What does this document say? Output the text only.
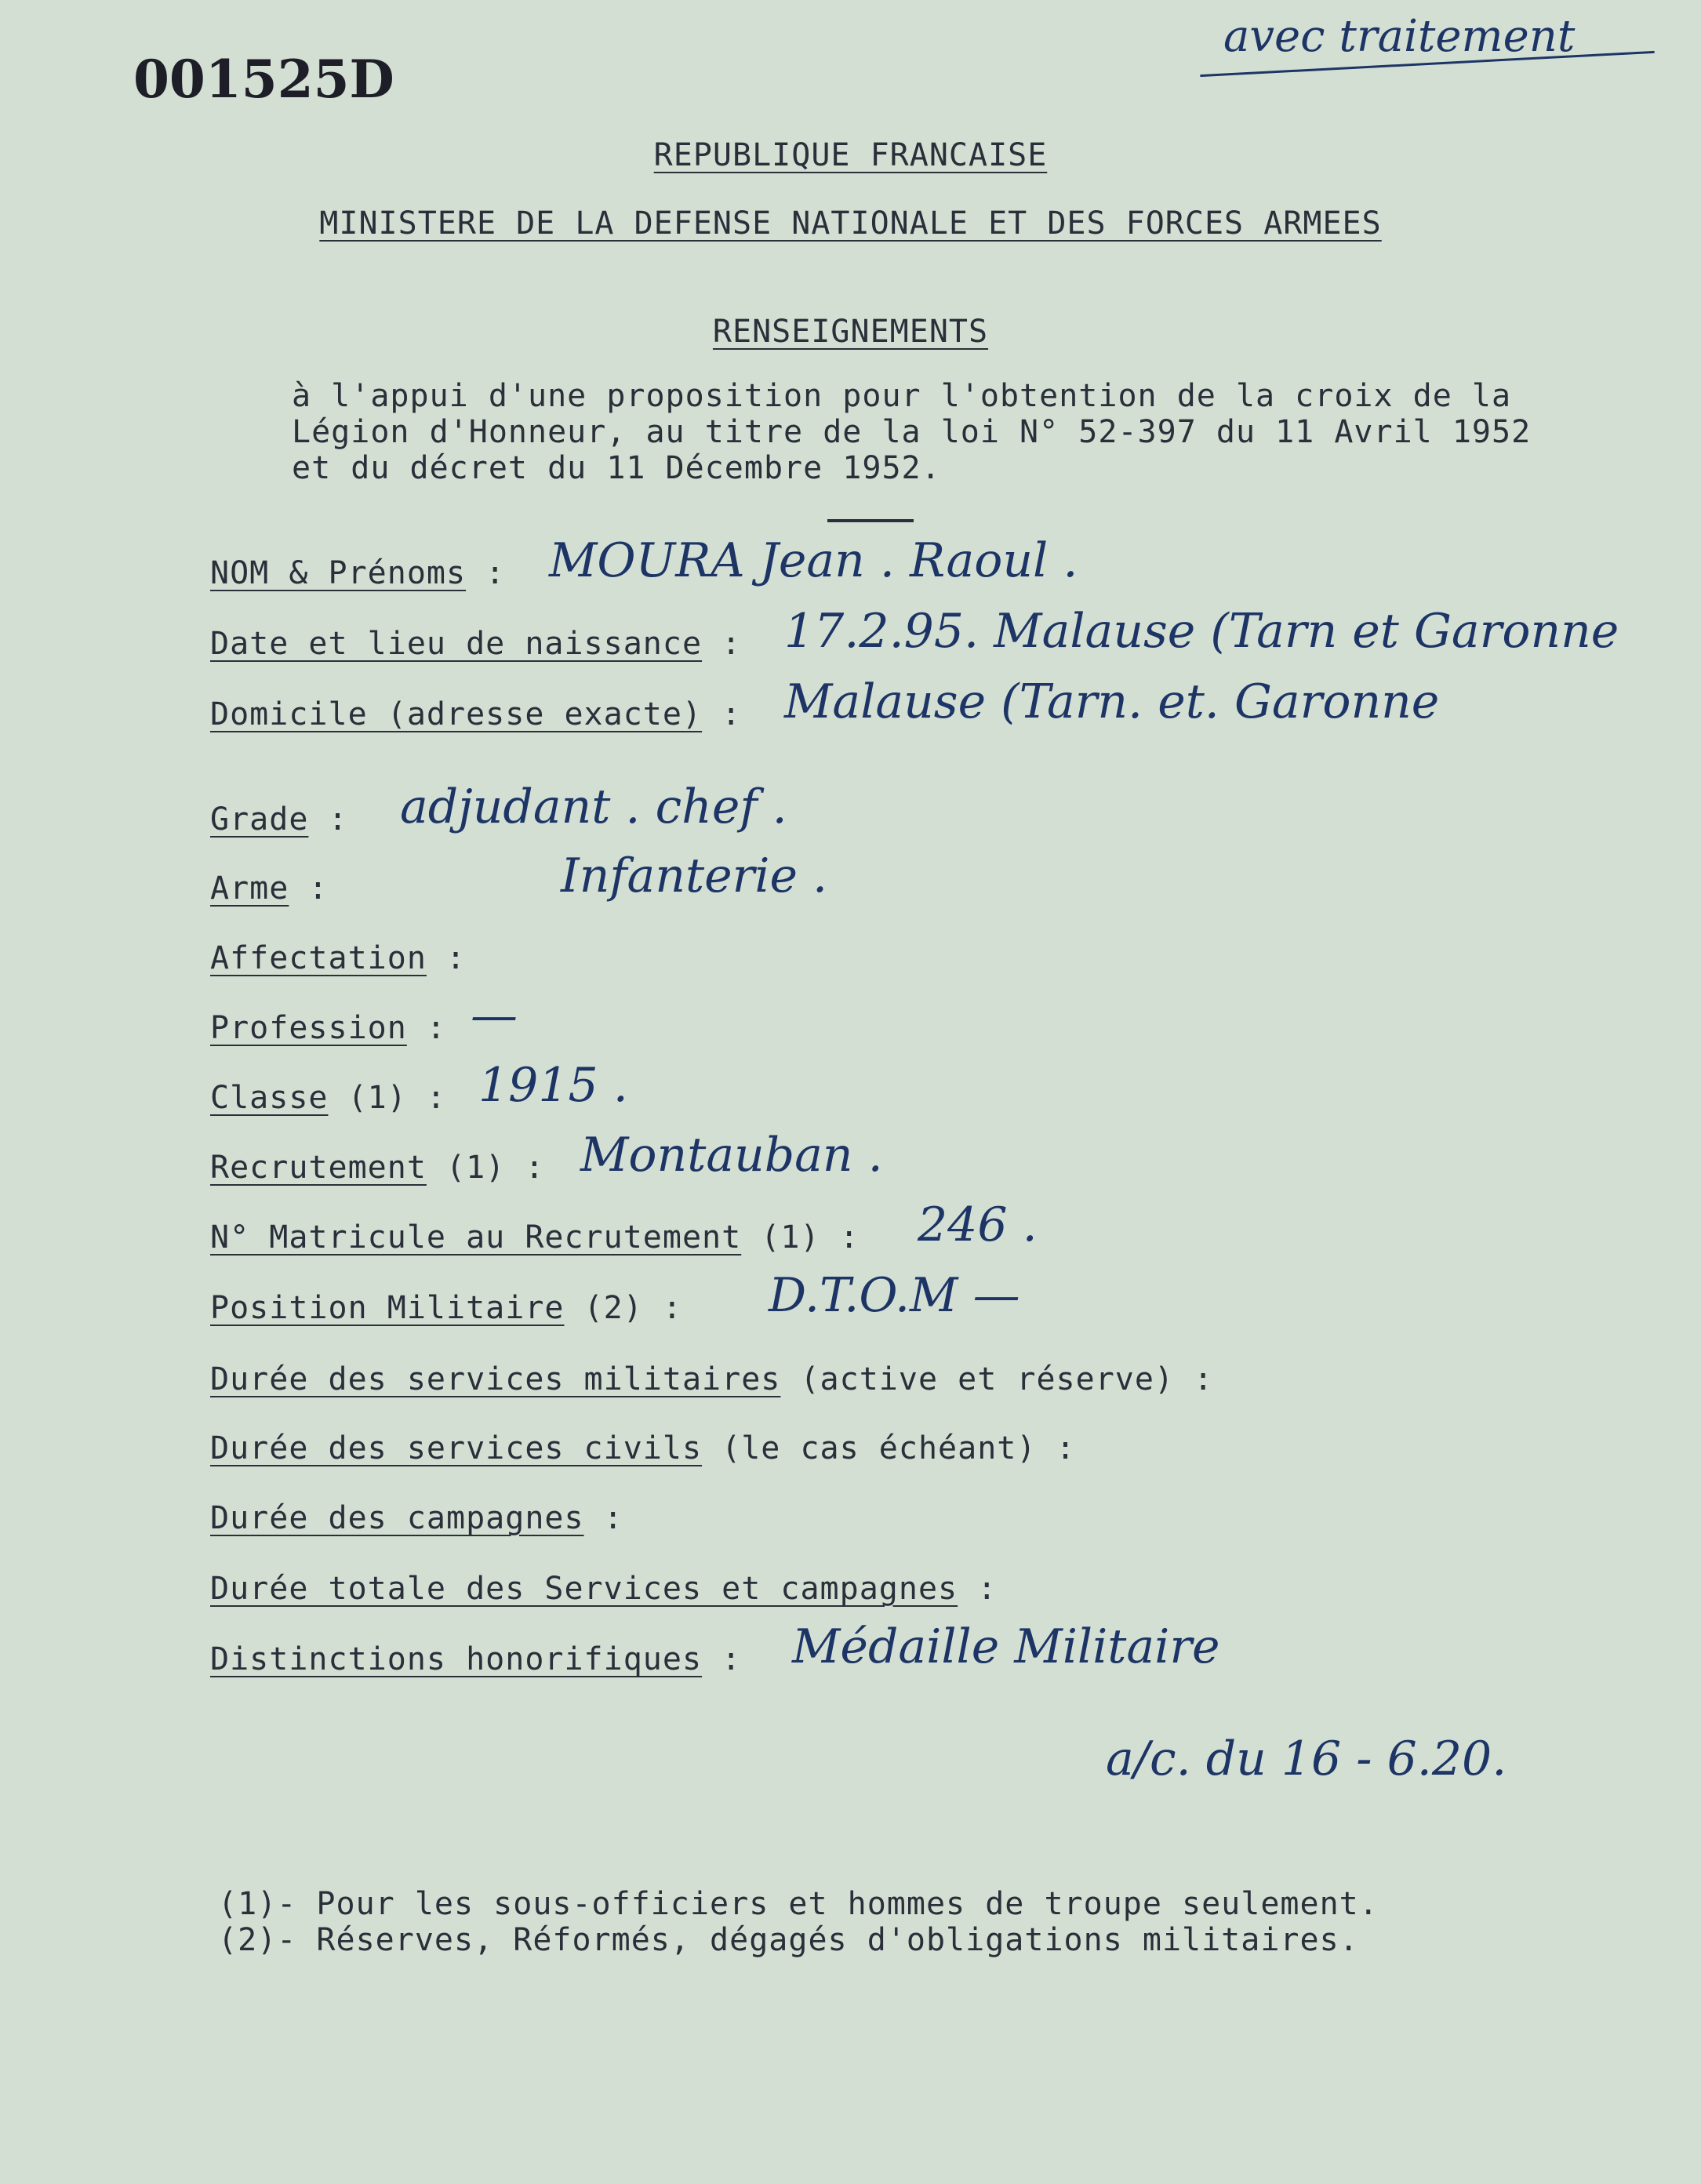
001525D
avec traitement
REPUBLIQUE FRANCAISE
MINISTERE DE LA DEFENSE NATIONALE ET DES FORCES ARMEES
RENSEIGNEMENTS
à l'appui d'une proposition pour l'obtention de la croix de la Légion d'Honneur, au titre de la loi N° 52-397 du 11 Avril 1952 et du décret du 11 Décembre 1952.
NOM & Prénoms : MOURA Jean . Raoul .
Date et lieu de naissance : 17.2.95. Malause (Tarn et Garonne
Domicile (adresse exacte) : Malause (Tarn. et. Garonne
Grade : adjudant . chef .
Arme :	Infanterie .
Affectation :
Profession : —
Classe (1) : 1915 .
Recrutement (1) : Montauban .
N° Matricule au Recrutement (1) : 246 .
Position Militaire (2) : D.T.O.M —
Durée des services militaires (active et réserve) :
Durée des services civils (le cas échéant) :
Durée des campagnes :
Durée totale des Services et campagnes :
Distinctions honorifiques : Médaille Militaire
a/c. du 16 - 6.20.
(1)- Pour les sous-officiers et hommes de troupe seulement.
(2)- Réserves, Réformés, dégagés d'obligations militaires.
